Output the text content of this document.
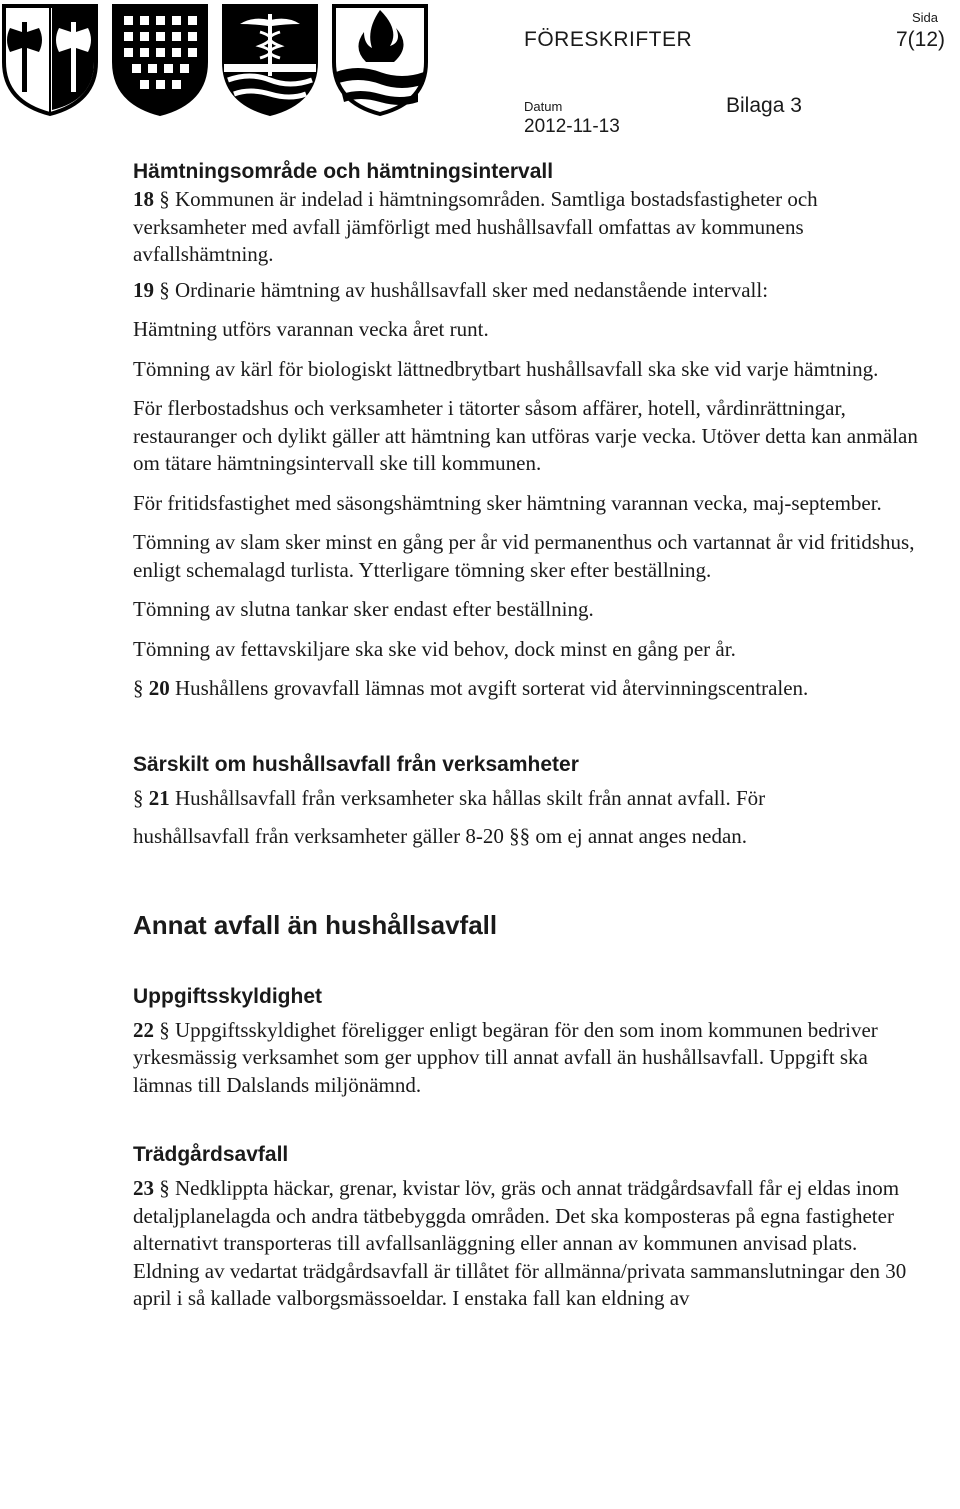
FÖRESKRIFTER
Sida
7(12)
Datum	Bilaga 3
2012-11-13
Hämtningsområde och hämtningsintervall

18 § Kommunen är indelad i hämtningsområden. Samtliga bostadsfastigheter och verksamheter med avfall jämförligt med hushållsavfall omfattas av kommunens avfallshämtning.

19 § Ordinarie hämtning av hushållsavfall sker med nedanstående intervall:

Hämtning utförs varannan vecka året runt.

Tömning av kärl för biologiskt lättnedbrytbart hushållsavfall ska ske vid varje hämtning.

För flerbostadshus och verksamheter i tätorter såsom affärer, hotell, vårdinrättningar, restauranger och dylikt gäller att hämtning kan utföras varje vecka. Utöver detta kan anmälan om tätare hämtningsintervall ske till kommunen.

För fritidsfastighet med säsongshämtning sker hämtning varannan vecka, maj-september.

Tömning av slam sker minst en gång per år vid permanenthus och vartannat år vid fritidshus, enligt schemalagd turlista. Ytterligare tömning sker efter beställning.

Tömning av slutna tankar sker endast efter beställning.

Tömning av fettavskiljare ska ske vid behov, dock minst en gång per år.

§ 20 Hushållens grovavfall lämnas mot avgift sorterat vid återvinningscentralen.

Särskilt om hushållsavfall från verksamheter

§ 21 Hushållsavfall från verksamheter ska hållas skilt från annat avfall. För

hushållsavfall från verksamheter gäller 8-20 §§ om ej annat anges nedan.

Annat avfall än hushållsavfall
Uppgiftsskyldighet

22 § Uppgiftsskyldighet föreligger enligt begäran för den som inom kommunen bedriver yrkesmässig verksamhet som ger upphov till annat avfall än hushållsavfall. Uppgift ska lämnas till Dalslands miljönämnd.

Trädgårdsavfall

23 § Nedklippta häckar, grenar, kvistar löv, gräs och annat trädgårdsavfall får ej eldas inom detaljplanelagda och andra tätbebyggda områden. Det ska komposteras på egna fastigheter alternativt transporteras till avfallsanläggning eller annan av kommunen anvisad plats. Eldning av vedartat trädgårdsavfall är tillåtet för allmänna/privata sammanslutningar den 30 april i så kallade valborgsmässoeldar. I enstaka fall kan eldning av
